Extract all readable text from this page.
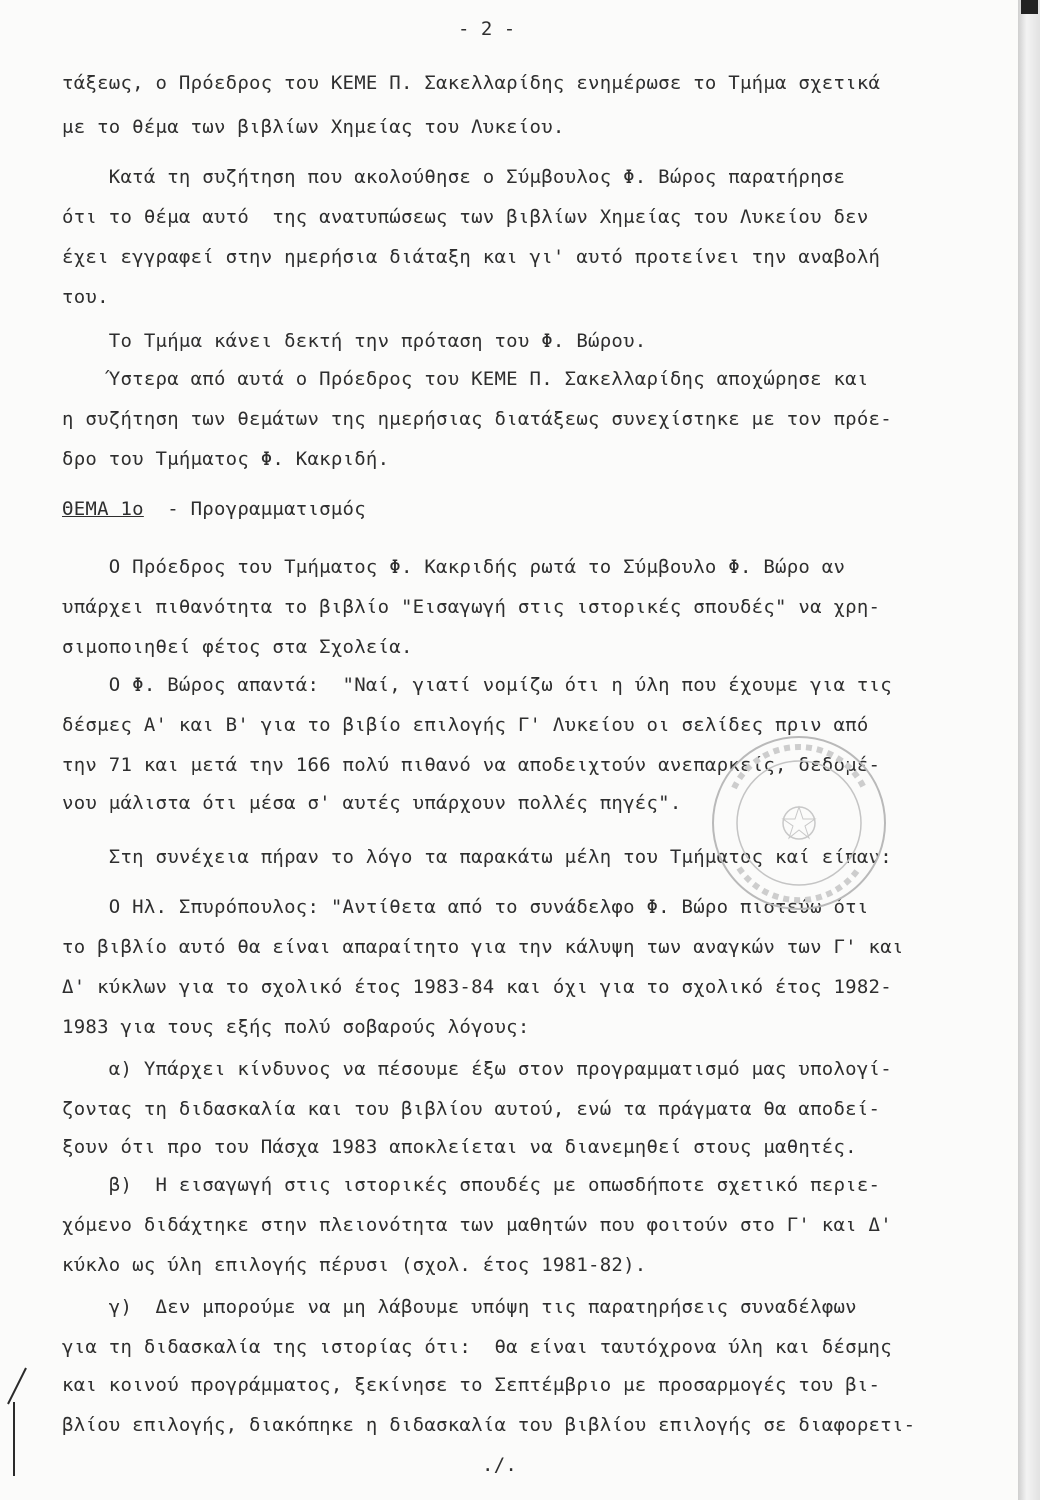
- 2 -
τάξεως, ο Πρόεδρος του ΚΕΜΕ Π. Σακελλαρίδης ενημέρωσε το Τμήμα σχετικά
με το θέμα των βιβλίων Χημείας του Λυκείου.
Κατά τη συζήτηση που ακολούθησε ο Σύμβουλος Φ. Βώρος παρατήρησε
ότι το θέμα αυτό  της ανατυπώσεως των βιβλίων Χημείας του Λυκείου δεν
έχει εγγραφεί στην ημερήσια διάταξη και γι' αυτό προτείνει την αναβολή
του.
Το Τμήμα κάνει δεκτή την πρόταση του Φ. Βώρου.
Ύστερα από αυτά ο Πρόεδρος του ΚΕΜΕ Π. Σακελλαρίδης αποχώρησε και
η συζήτηση των θεμάτων της ημερήσιας διατάξεως συνεχίστηκε με τον πρόε-
δρο του Τμήματος Φ. Κακριδή.
ΘΕΜΑ 1ο  - Προγραμματισμός
Ο Πρόεδρος του Τμήματος Φ. Κακριδής ρωτά το Σύμβουλο Φ. Βώρο αν
υπάρχει πιθανότητα το βιβλίο "Εισαγωγή στις ιστορικές σπουδές" να χρη-
σιμοποιηθεί φέτος στα Σχολεία.
Ο Φ. Βώρος απαντά:  "Ναί, γιατί νομίζω ότι η ύλη που έχουμε για τις
δέσμες Α' και Β' για το βιβίο επιλογής Γ' Λυκείου οι σελίδες πριν από
την 71 και μετά την 166 πολύ πιθανό να αποδειχτούν ανεπαρκείς, δεδομέ-
νου μάλιστα ότι μέσα σ' αυτές υπάρχουν πολλές πηγές".
Στη συνέχεια πήραν το λόγο τα παρακάτω μέλη του Τμήματος καί είπαν:
Ο Ηλ. Σπυρόπουλος: "Αντίθετα από το συνάδελφο Φ. Βώρο πιστεύω ότι
το βιβλίο αυτό θα είναι απαραίτητο για την κάλυψη των αναγκών των Γ' και
Δ' κύκλων για το σχολικό έτος 1983-84 και όχι για το σχολικό έτος 1982-
1983 για τους εξής πολύ σοβαρούς λόγους:
α) Υπάρχει κίνδυνος να πέσουμε έξω στον προγραμματισμό μας υπολογί-
ζοντας τη διδασκαλία και του βιβλίου αυτού, ενώ τα πράγματα θα αποδεί-
ξουν ότι προ του Πάσχα 1983 αποκλείεται να διανεμηθεί στους μαθητές.
β)  Η εισαγωγή στις ιστορικές σπουδές με οπωσδήποτε σχετικό περιε-
χόμενο διδάχτηκε στην πλειονότητα των μαθητών που φοιτούν στο Γ' και Δ'
κύκλο ως ύλη επιλογής πέρυσι (σχολ. έτος 1981-82).
γ)  Δεν μπορούμε να μη λάβουμε υπόψη τις παρατηρήσεις συναδέλφων
για τη διδασκαλία της ιστορίας ότι:  θα είναι ταυτόχρονα ύλη και δέσμης
και κοινού προγράμματος, ξεκίνησε το Σεπτέμβριο με προσαρμογές του βι-
βλίου επιλογής, διακόπηκε η διδασκαλία του βιβλίου επιλογής σε διαφορετι-
./.
